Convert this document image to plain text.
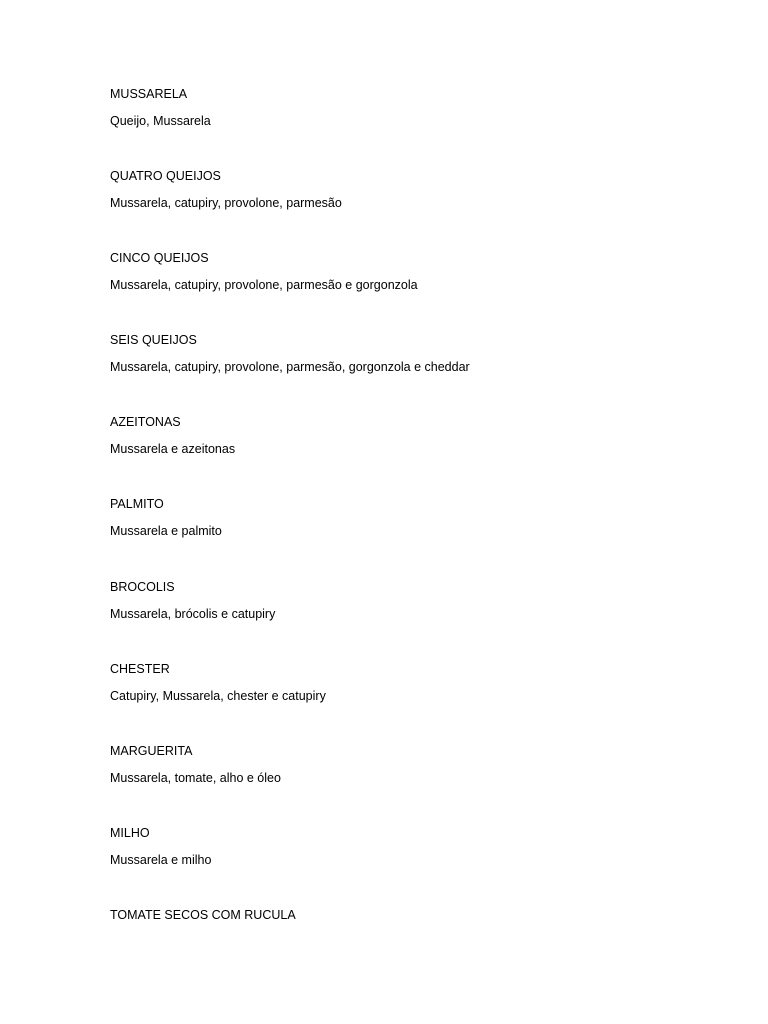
MUSSARELA
Queijo, Mussarela
QUATRO QUEIJOS
Mussarela, catupiry, provolone, parmesão
CINCO QUEIJOS
Mussarela, catupiry, provolone, parmesão e gorgonzola
SEIS QUEIJOS
Mussarela, catupiry, provolone, parmesão, gorgonzola e cheddar
AZEITONAS
Mussarela e azeitonas
PALMITO
Mussarela e palmito
BROCOLIS
Mussarela, brócolis e catupiry
CHESTER
Catupiry, Mussarela, chester e catupiry
MARGUERITA
Mussarela, tomate, alho e óleo
MILHO
Mussarela e milho
TOMATE SECOS COM RUCULA
